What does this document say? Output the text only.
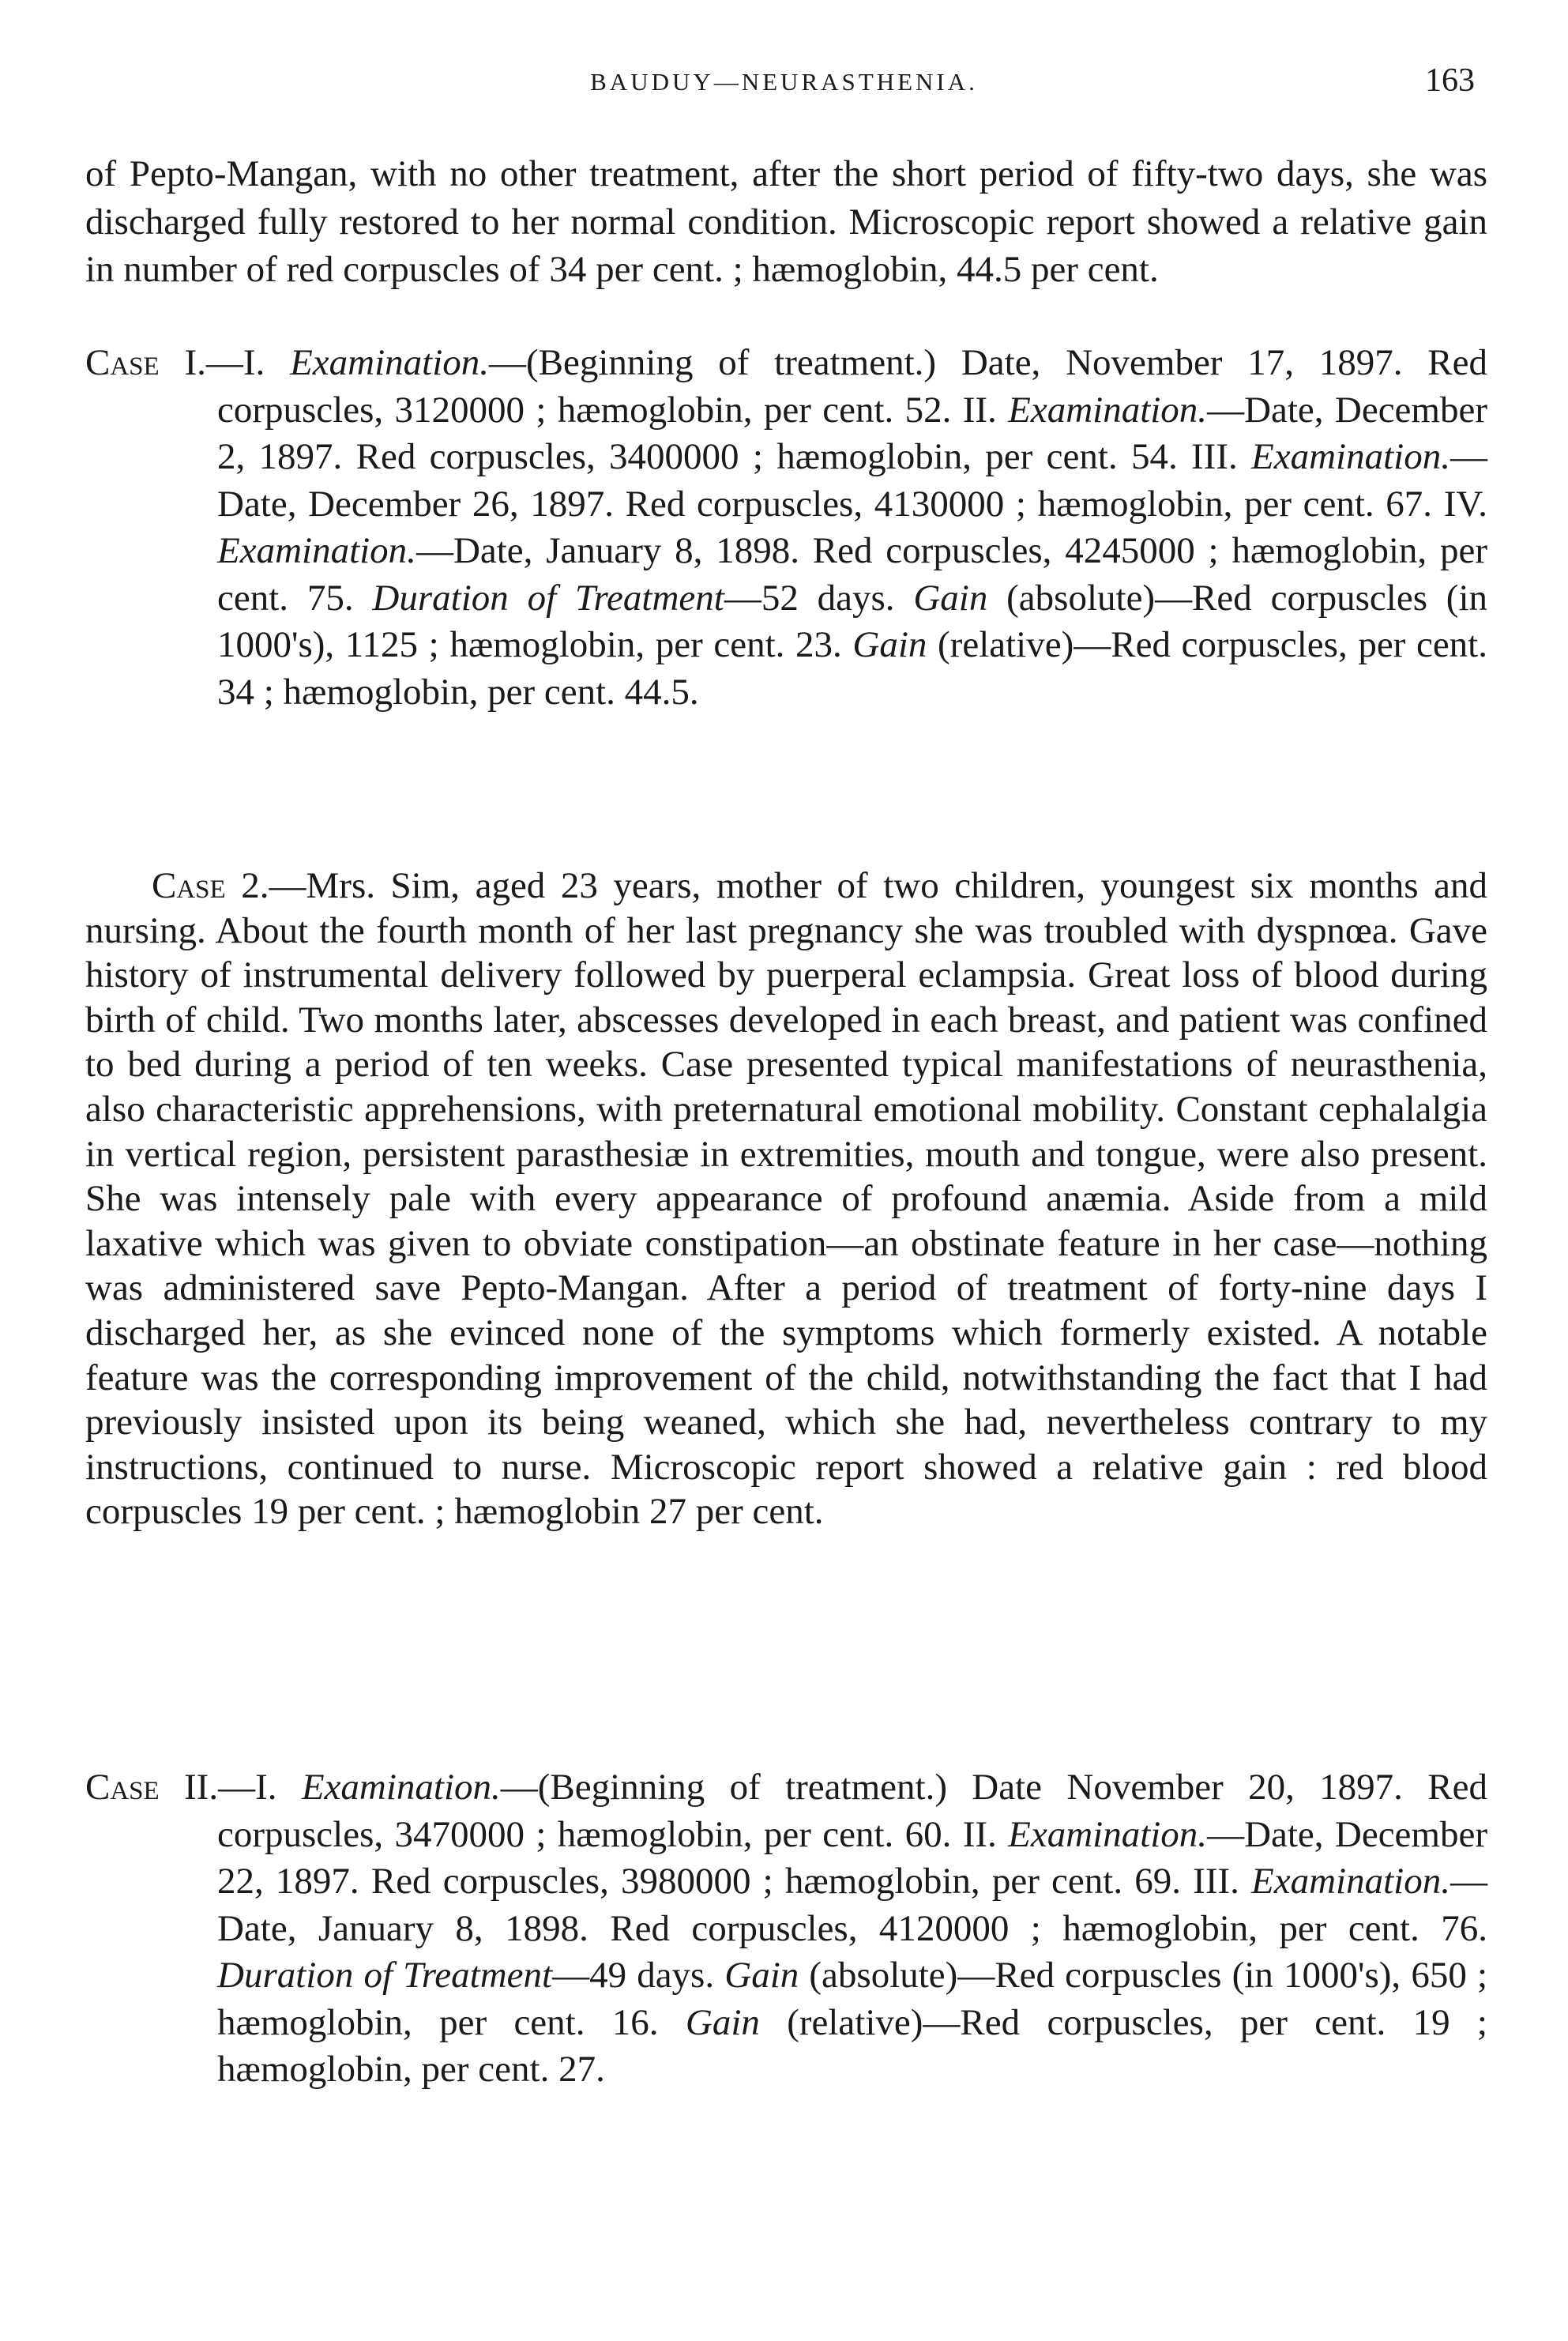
BAUDUY—NEURASTHENIA.	163

of Pepto-Mangan, with no other treatment, after the short period of fifty-two days, she was discharged fully restored to her normal condition. Microscopic report showed a relative gain in number of red corpuscles of 34 per cent. ; hæmoglobin, 44.5 per cent.

Case I.—I. Examination.—(Beginning of treatment.) Date, November 17, 1897. Red corpuscles, 3120000 ; hæmoglobin, per cent. 52. II. Examination.—Date, December 2, 1897. Red corpuscles, 3400000 ; hæmoglobin, per cent. 54. III. Examination.—Date, December 26, 1897. Red corpuscles, 4130000 ; hæmoglobin, per cent. 67. IV. Examination.—Date, January 8, 1898. Red corpuscles, 4245000 ; hæmoglobin, per cent. 75. Duration of Treatment—52 days. Gain (absolute)—Red corpuscles (in 1000's), 1125 ; hæmoglobin, per cent. 23. Gain (relative)—Red corpuscles, per cent. 34 ; hæmoglobin, per cent. 44.5.

Case 2.—Mrs. Sim, aged 23 years, mother of two children, youngest six months and nursing. About the fourth month of her last pregnancy she was troubled with dyspnœa. Gave history of instrumental delivery followed by puerperal eclampsia. Great loss of blood during birth of child. Two months later, abscesses developed in each breast, and patient was confined to bed during a period of ten weeks. Case presented typical manifestations of neurasthenia, also characteristic apprehensions, with preternatural emotional mobility. Constant cephalalgia in vertical region, persistent parasthesiæ in extremities, mouth and tongue, were also present. She was intensely pale with every appearance of profound anæmia. Aside from a mild laxative which was given to obviate constipation—an obstinate feature in her case—nothing was administered save Pepto-Mangan. After a period of treatment of forty-nine days I discharged her, as she evinced none of the symptoms which formerly existed. A notable feature was the corresponding improvement of the child, notwithstanding the fact that I had previously insisted upon its being weaned, which she had, nevertheless contrary to my instructions, continued to nurse. Microscopic report showed a relative gain : red blood corpuscles 19 per cent. ; hæmoglobin 27 per cent.

Case II.—I. Examination.—(Beginning of treatment.) Date November 20, 1897. Red corpuscles, 3470000 ; hæmoglobin, per cent. 60. II. Examination.—Date, December 22, 1897. Red corpuscles, 3980000 ; hæmoglobin, per cent. 69. III. Examination.—Date, January 8, 1898. Red corpuscles, 4120000 ; hæmoglobin, per cent. 76. Duration of Treatment—49 days. Gain (absolute)—Red corpuscles (in 1000's), 650 ; hæmoglobin, per cent. 16. Gain (relative)—Red corpuscles, per cent. 19 ; hæmoglobin, per cent. 27.
